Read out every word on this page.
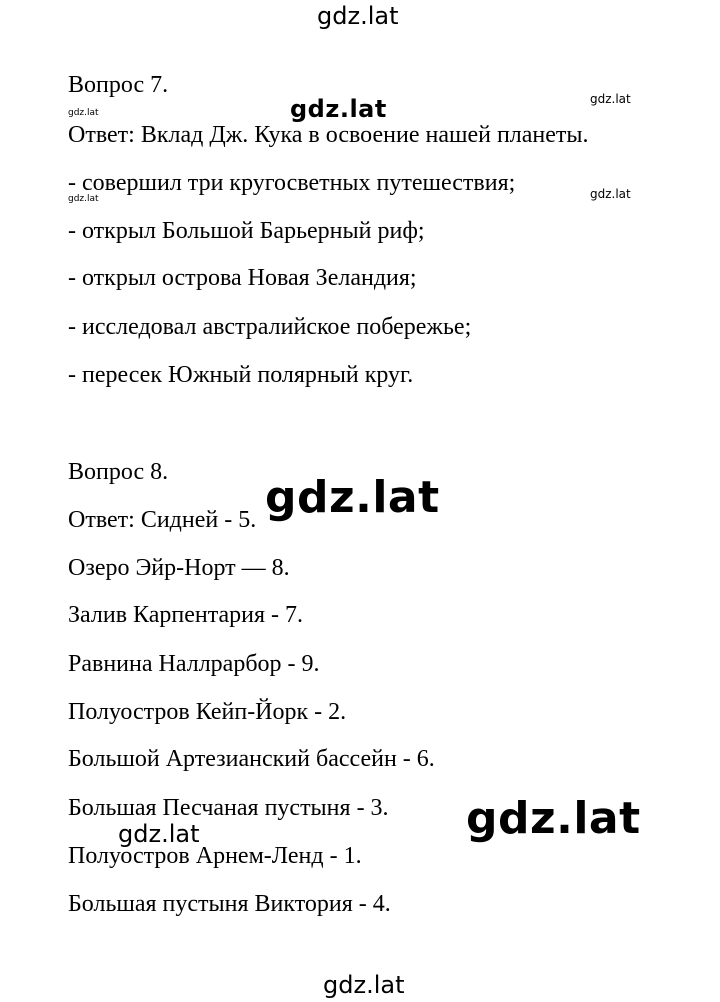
gdz.lat
Вопрос 7.
gdz.lat	gdz.lat	gdz.lat
Ответ: Вклад Дж. Кука в освоение нашей планеты.
- совершил три кругосветных путешествия;
gdz.lat	gdz.lat
- открыл Большой Барьерный риф;
- открыл острова Новая Зеландия;
- исследовал австралийское побережье;
- пересек Южный полярный круг.
Вопрос 8.
Ответ: Сидней - 5. gdz.lat
Озеро Эйр-Норт — 8.
Залив Карпентария - 7.
Равнина Наллрарбор - 9.
Полуостров Кейп-Йорк - 2.
Большой Артезианский бассейн - 6.
Большая Песчаная пустыня - 3. gdz.lat
gdz.lat
Полуостров Арнем-Ленд - 1.
Большая пустыня Виктория - 4.
gdz.lat
